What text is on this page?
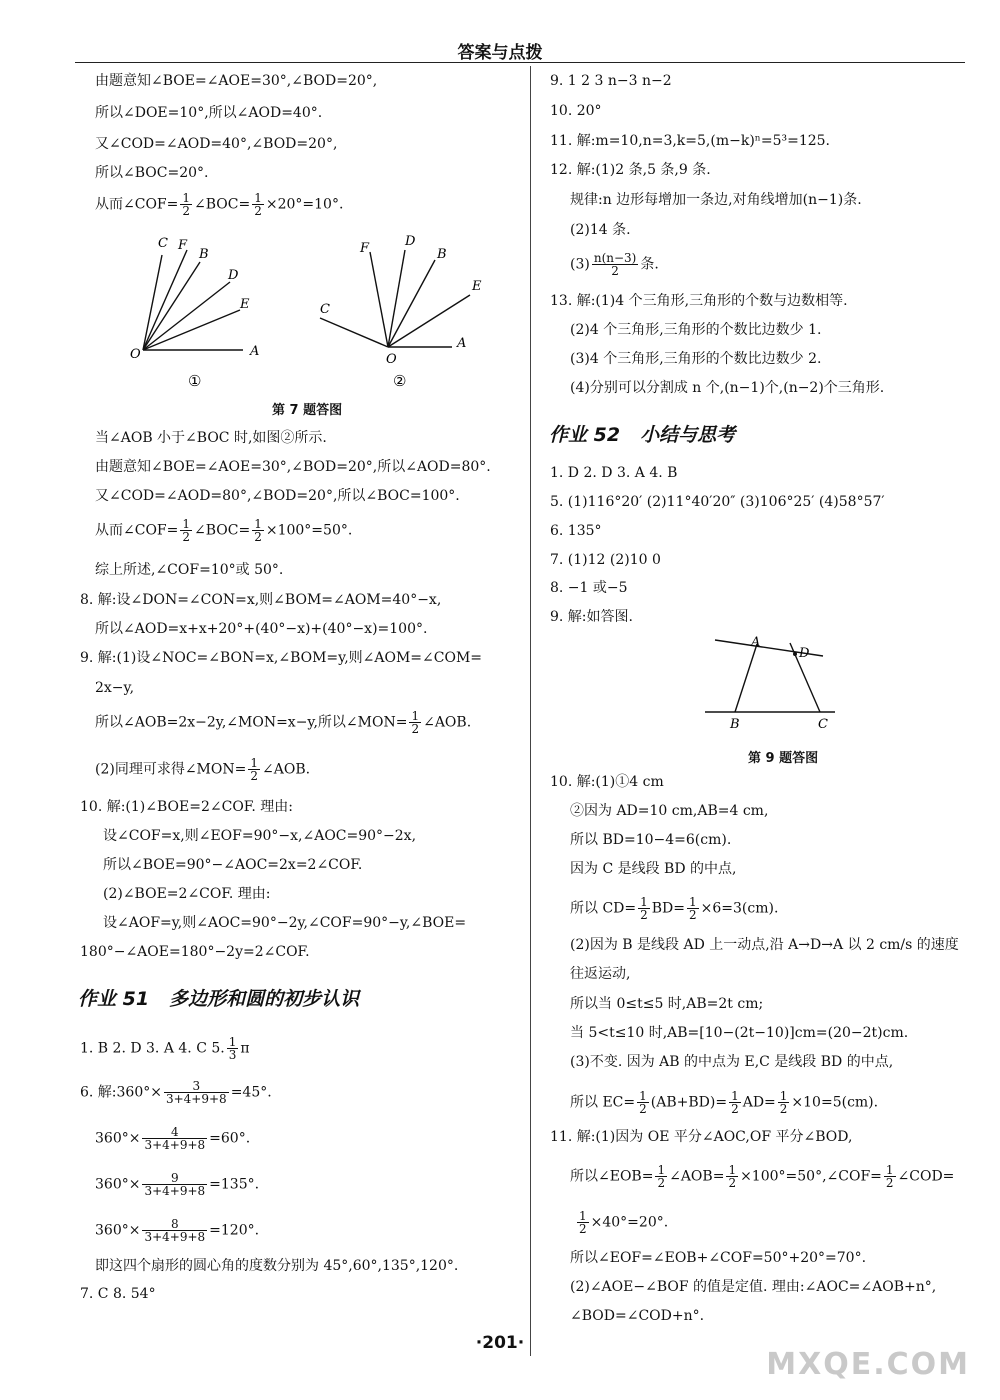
答案与点拨
由题意知∠BOE=∠AOE=30°,∠BOD=20°,
所以∠DOE=10°,所以∠AOD=40°.
又∠COD=∠AOD=40°,∠BOD=20°,
所以∠BOC=20°.
从而∠COF= $\frac{1}{2}$ ∠BOC= $\frac{1}{2} \times 20^\circ=10^\circ$.
C F
B
D
E
A
O
F	D
B
E
C
A
O
①	②
第 7 题答图
当∠AOB 小于∠BOC 时,如图②所示.
由题意知∠BOE=∠AOE=30°,∠BOD=20°,所以∠AOD=80°.
又∠COD=∠AOD=80°,∠BOD=20°,所以∠BOC=100°.
从而∠COF= $\frac{1}{2}$ ∠BOC= $\frac{1}{2} \times 100^\circ=50^\circ$.
综上所述,∠COF=10°或 50°.
8. 解:设∠DON=∠CON=x,则∠BOM=∠AOM=40°−x,
所以∠AOD=x+x+20°+(40°−x)+(40°−x)=100°.
9. 解:(1)设∠NOC=∠BON=x,∠BOM=y,则∠AOM=∠COM=
2x−y,
所以∠AOB=2x−2y,∠MON=x−y,所以∠MON= $\frac{1}{2}$ ∠AOB.
(2)同理可求得∠MON= $\frac{1}{2}$ ∠AOB.
10. 解:(1)∠BOE=2∠COF. 理由:
设∠COF=x,则∠EOF=90°−x,∠AOC=90°−2x,
所以∠BOE=90°−∠AOC=2x=2∠COF.
(2)∠BOE=2∠COF. 理由:
设∠AOF=y,则∠AOC=90°−2y,∠COF=90°−y,∠BOE=
180°−∠AOE=180°−2y=2∠COF.
作业 51 多边形和圆的初步认识
1. B 2. D 3. A 4. C 5. $\frac{1}{3}$ π
6. 解:360°× $\frac{3}{3+4+9+8} =45^\circ$.
$360^\circ\times \frac{4}{3+4+9+8} =60^\circ$.
$360^\circ\times \frac{9}{3+4+9+8} =135^\circ$.
$360^\circ\times \frac{8}{3+4+9+8} =120^\circ$.
即这四个扇形的圆心角的度数分别为 45°,60°,135°,120°.
7. C 8. 54°
9. 1 2 3 n−3 n−2
10. 20°
11. 解:m=10,n=3,k=5,(m−k)ⁿ=5³=125.
12. 解:(1)2 条,5 条,9 条.
规律:n 边形每增加一条边,对角线增加(n−1)条.
(2)14 条.
$(3) \frac{n(n-3)}{2}$ 条.
13. 解:(1)4 个三角形,三角形的个数与边数相等.
(2)4 个三角形,三角形的个数比边数少 1.
(3)4 个三角形,三角形的个数比边数少 2.
(4)分别可以分割成 n 个,(n−1)个,(n−2)个三角形.
作业 52 小结与思考
1. D 2. D 3. A 4. B
5. (1)116°20′ (2)11°40′20″ (3)106°25′ (4)58°57′
6. 135°
7. (1)12 (2)10 0
8. −1 或−5
9. 解:如答图.
A
D
B	C
第 9 题答图
10. 解:(1)①4 cm
②因为 AD=10 cm,AB=4 cm,
所以 BD=10−4=6(cm).
因为 C 是线段 BD 的中点,
所以 $CD= \frac{1}{2} BD= \frac{1}{2} \times 6=3(cm)$.
(2)因为 B 是线段 AD 上一动点,沿 A→D→A 以 2 cm/s 的速度
往返运动,
所以当 0≤t≤5 时,AB=2t cm;
当 5<t≤10 时,AB=[10−(2t−10)]cm=(20−2t)cm.
(3)不变. 因为 AB 的中点为 E,C 是线段 BD 的中点,
所以 $EC= \frac{1}{2} (AB+BD)= \frac{1}{2} AD= \frac{1}{2} \times 10=5(cm)$.
11. 解:(1)因为 OE 平分∠AOC,OF 平分∠BOD,
所以∠EOB= $\frac{1}{2}$ ∠AOB= $\frac{1}{2}$ ×100°=50°,∠COF= $\frac{1}{2}$ ∠COD=
$\frac{1}{2} \times 40^\circ=20^\circ$.
所以∠EOF=∠EOB+∠COF=50°+20°=70°.
(2)∠AOE−∠BOF 的值是定值. 理由:∠AOC=∠AOB+n°,
∠BOD=∠COD+n°.
·201·
MXQE.COM
